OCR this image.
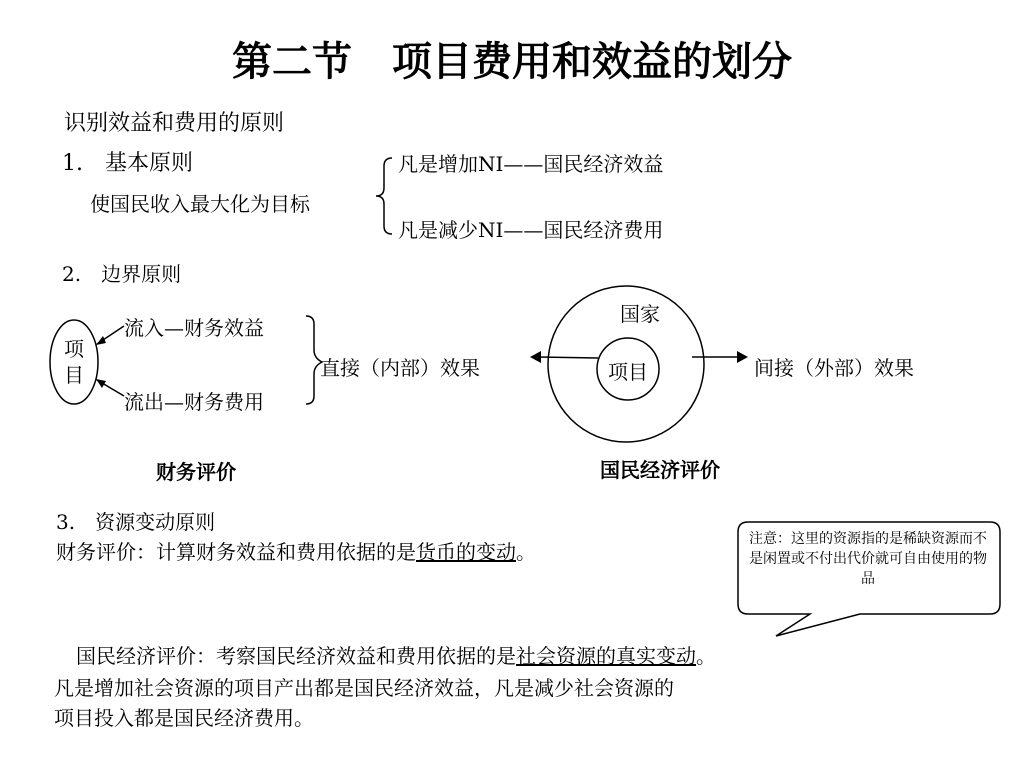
第二节　项目费用和效益的划分
识别效益和费用的原则
1.　基本原则
使国民收入最大化为目标
凡是增加NI——国民经济效益
凡是减少NI——国民经济费用
2.　边界原则
项目
流入—财务效益
流出—财务费用
直接（内部）效果
国家
项目	间接（外部）效果
财务评价	国民经济评价
3.　资源变动原则
财务评价：计算财务效益和费用依据的是货币的变动。
注意：这里的资源指的是稀缺资源而不是闲置或不付出代价就可自由使用的物品
国民经济评价：考察国民经济效益和费用依据的是社会资源的真实变动。
凡是增加社会资源的项目产出都是国民经济效益，凡是减少社会资源的
项目投入都是国民经济费用。
